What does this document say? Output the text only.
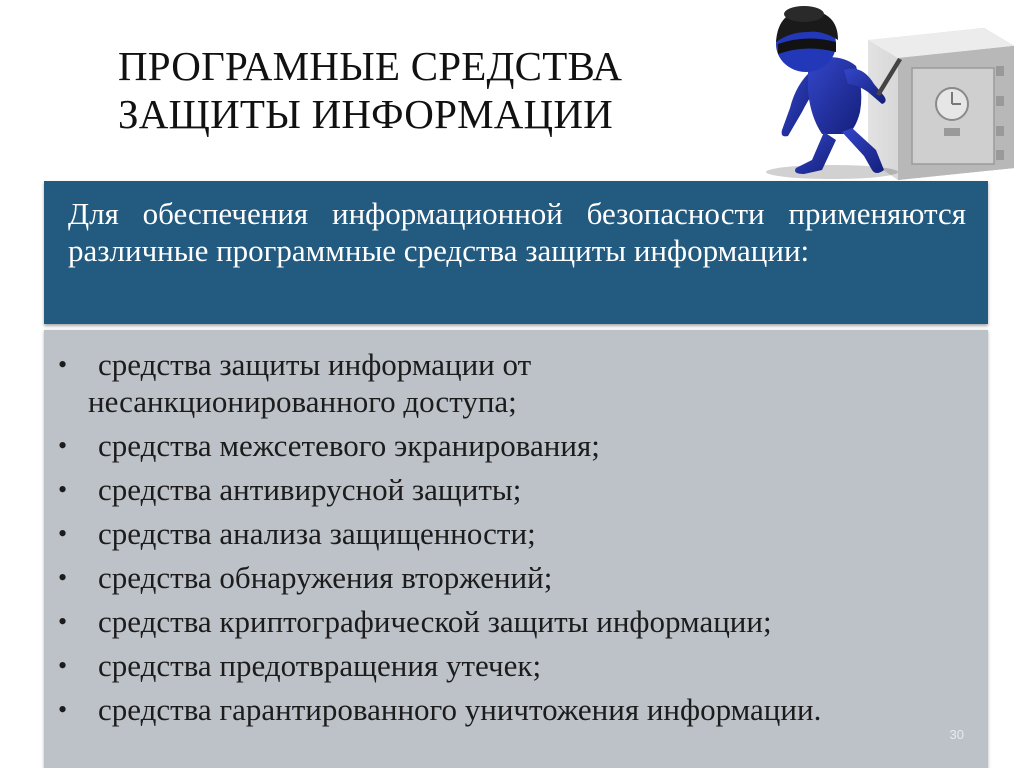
ПРОГРАМНЫЕ СРЕДСТВА
ЗАЩИТЫ ИНФОРМАЦИИ
Для обеспечения информационной безопасности применяются различные программные средства защиты информации:
• средства защиты информации от
несанкционированного доступа;
• средства межсетевого экранирования;
• средства антивирусной защиты;
• средства анализа защищенности;
• средства обнаружения вторжений;
• средства криптографической защиты информации;
• средства предотвращения утечек;
• средства гарантированного уничтожения информации.
30
